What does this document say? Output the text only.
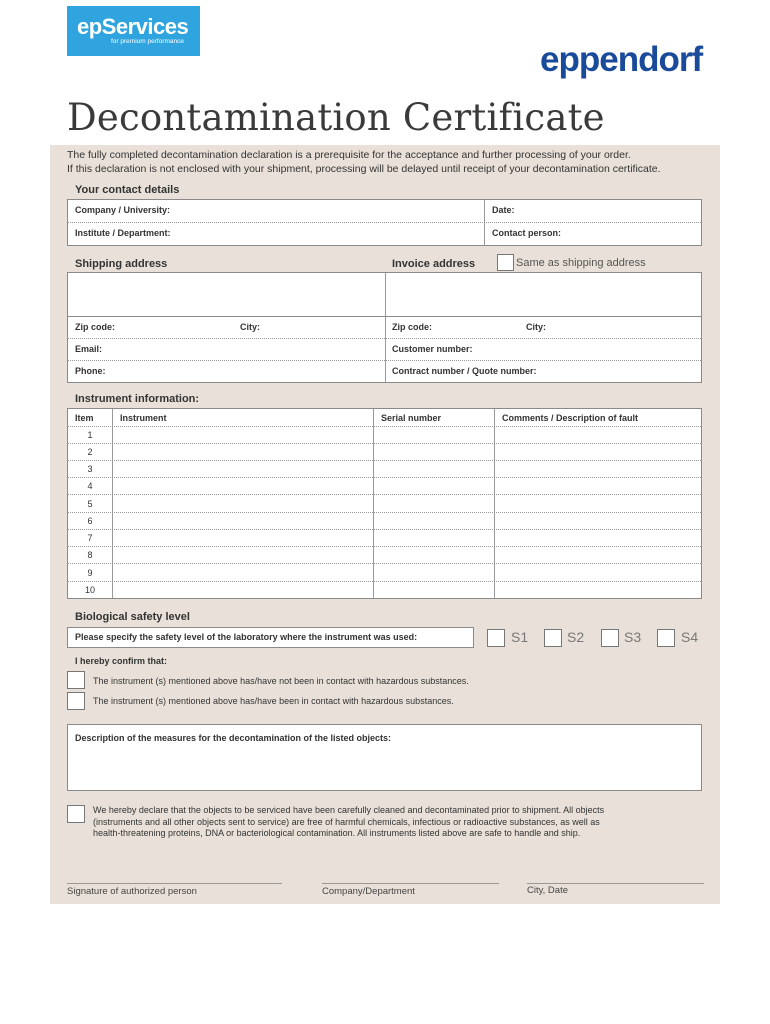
epServices
for premium performance	eppendorf
Decontamination Certificate
The fully completed decontamination declaration is a prerequisite for the acceptance and further processing of your order.
If this declaration is not enclosed with your shipment, processing will be delayed until receipt of your decontamination certificate.
Your contact details
Company / University:	Date:
Institute / Department:	Contact person:
Shipping address	Invoice address	Same as shipping address
Zip code:	City:	Zip code:	City:
Email:	Customer number:
Phone:	Contract number / Quote number:
Instrument information:
Item	Instrument	Serial number	Comments / Description of fault
1
2
3
4
5
6
7
8
9
10
Biological safety level
Please specify the safety level of the laboratory where the instrument was used:	S1	S2	S3	S4
I hereby confirm that:
The instrument (s) mentioned above has/have not been in contact with hazardous substances.
The instrument (s) mentioned above has/have been in contact with hazardous substances.
Description of the measures for the decontamination of the listed objects:
We hereby declare that the objects to be serviced have been carefully cleaned and decontaminated prior to shipment. All objects
(instruments and all other objects sent to service) are free of harmful chemicals, infectious or radioactive substances, as well as
health-threatening proteins, DNA or bacteriological contamination. All instruments listed above are safe to handle and ship.
Signature of authorized person	Company/Department	City, Date
